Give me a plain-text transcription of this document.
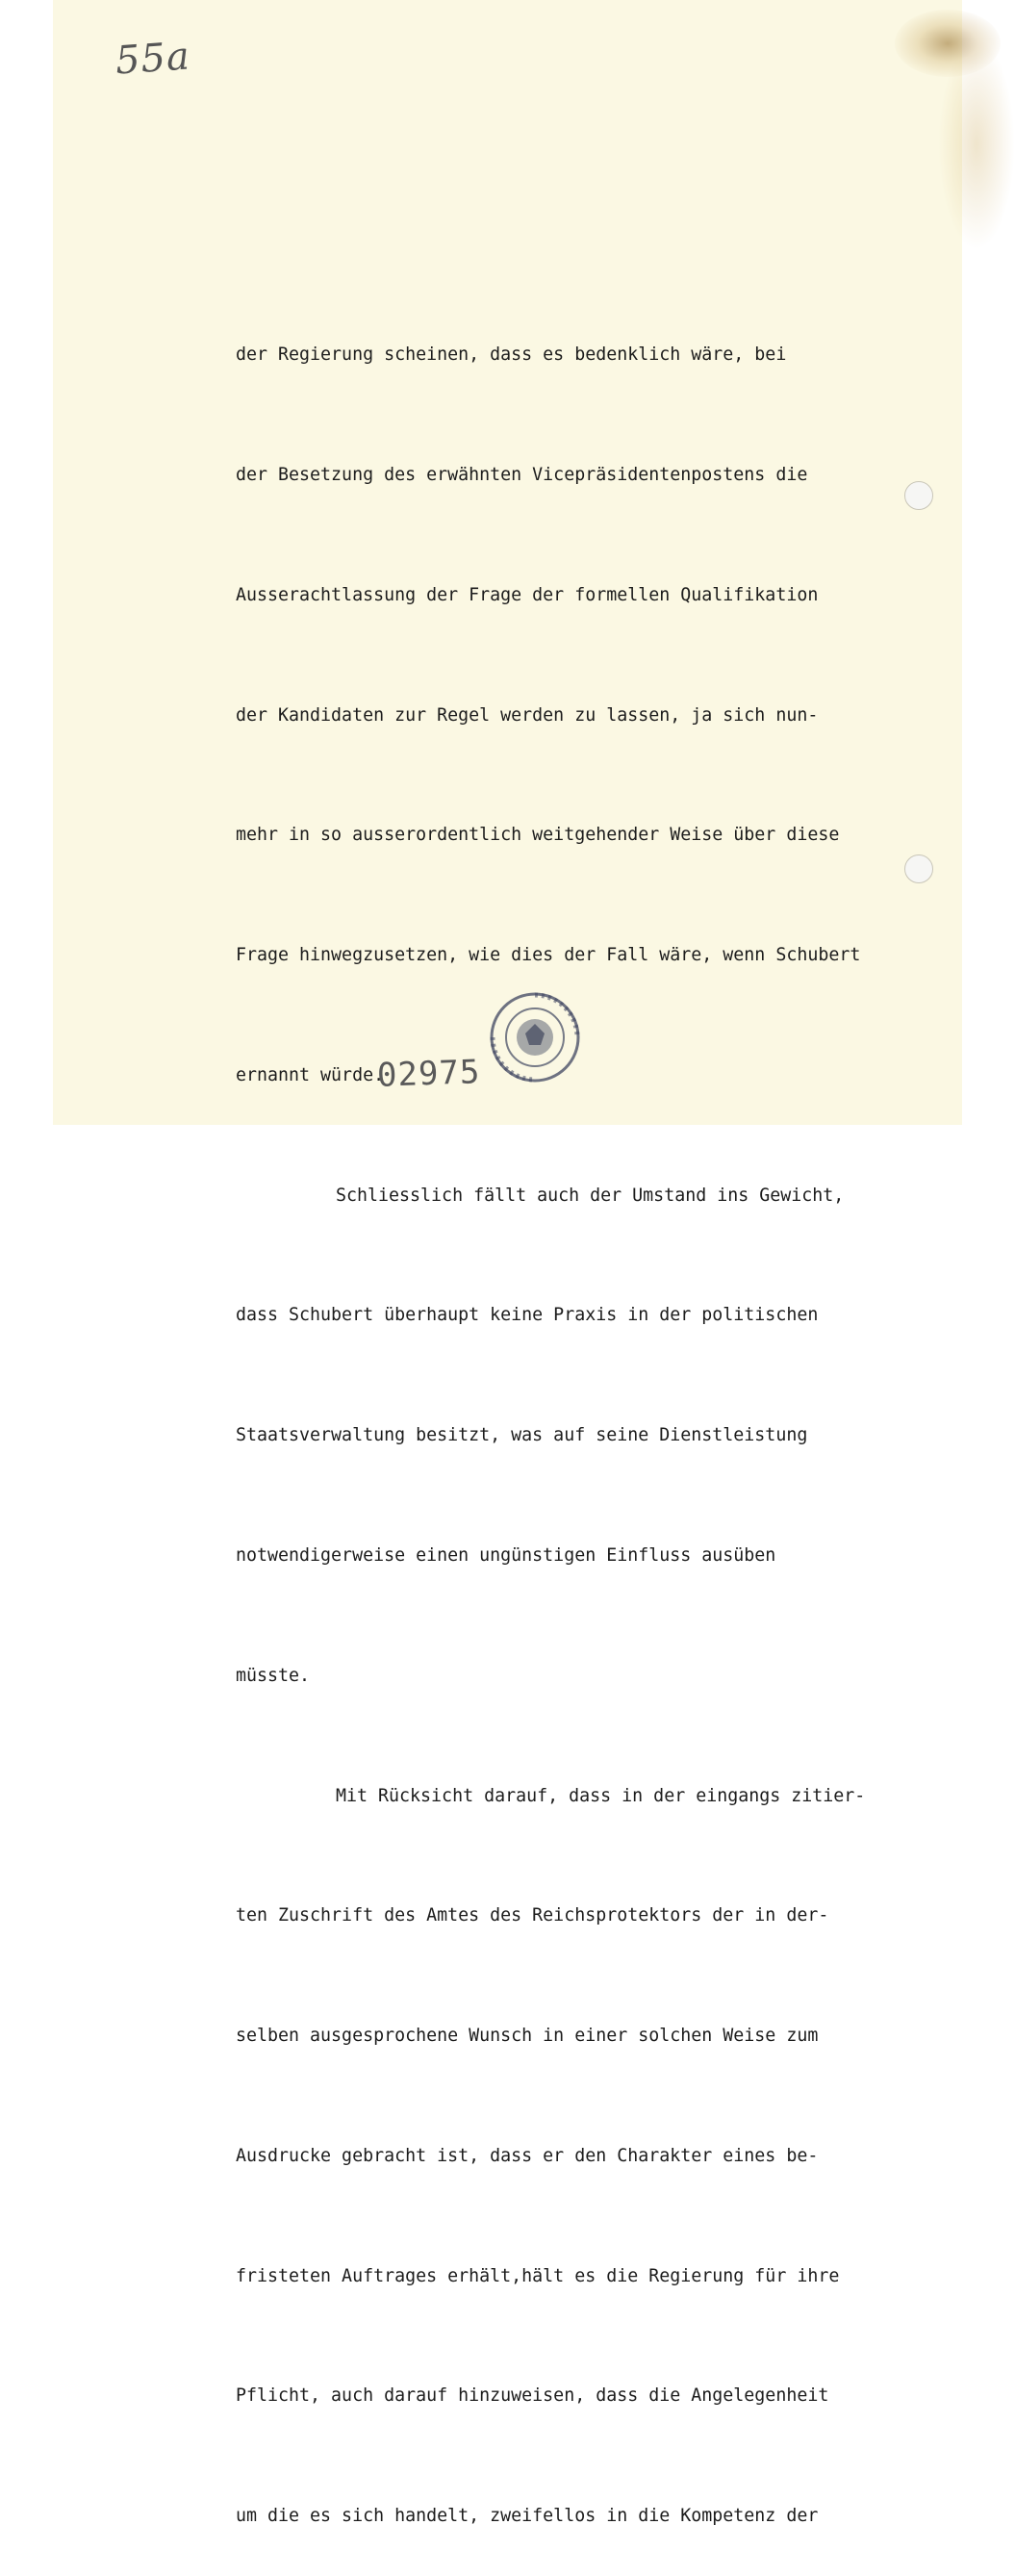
55a

der Regierung scheinen, dass es bedenklich wäre, bei

der Besetzung des erwähnten Vicepräsidentenpostens die

Ausserachtlassung der Frage der formellen Qualifikation

der Kandidaten zur Regel werden zu lassen, ja sich nun-

mehr in so ausserordentlich weitgehender Weise über diese

Frage hinwegzusetzen, wie dies der Fall wäre, wenn Schubert

ernannt würde.

Schliesslich fällt auch der Umstand ins Gewicht,

dass Schubert überhaupt keine Praxis in der politischen

Staatsverwaltung besitzt, was auf seine Dienstleistung

notwendigerweise einen ungünstigen Einfluss ausüben

müsste.

Mit Rücksicht darauf, dass in der eingangs zitier-

ten Zuschrift des Amtes des Reichsprotektors der in der-

selben ausgesprochene Wunsch in einer solchen Weise zum

Ausdrucke gebracht ist, dass er den Charakter eines be-

fristeten Auftrages erhält,hält es die Regierung für ihre

Pflicht, auch darauf hinzuweisen, dass die Angelegenheit

um die es sich handelt, zweifellos in die Kompetenz der

02975
